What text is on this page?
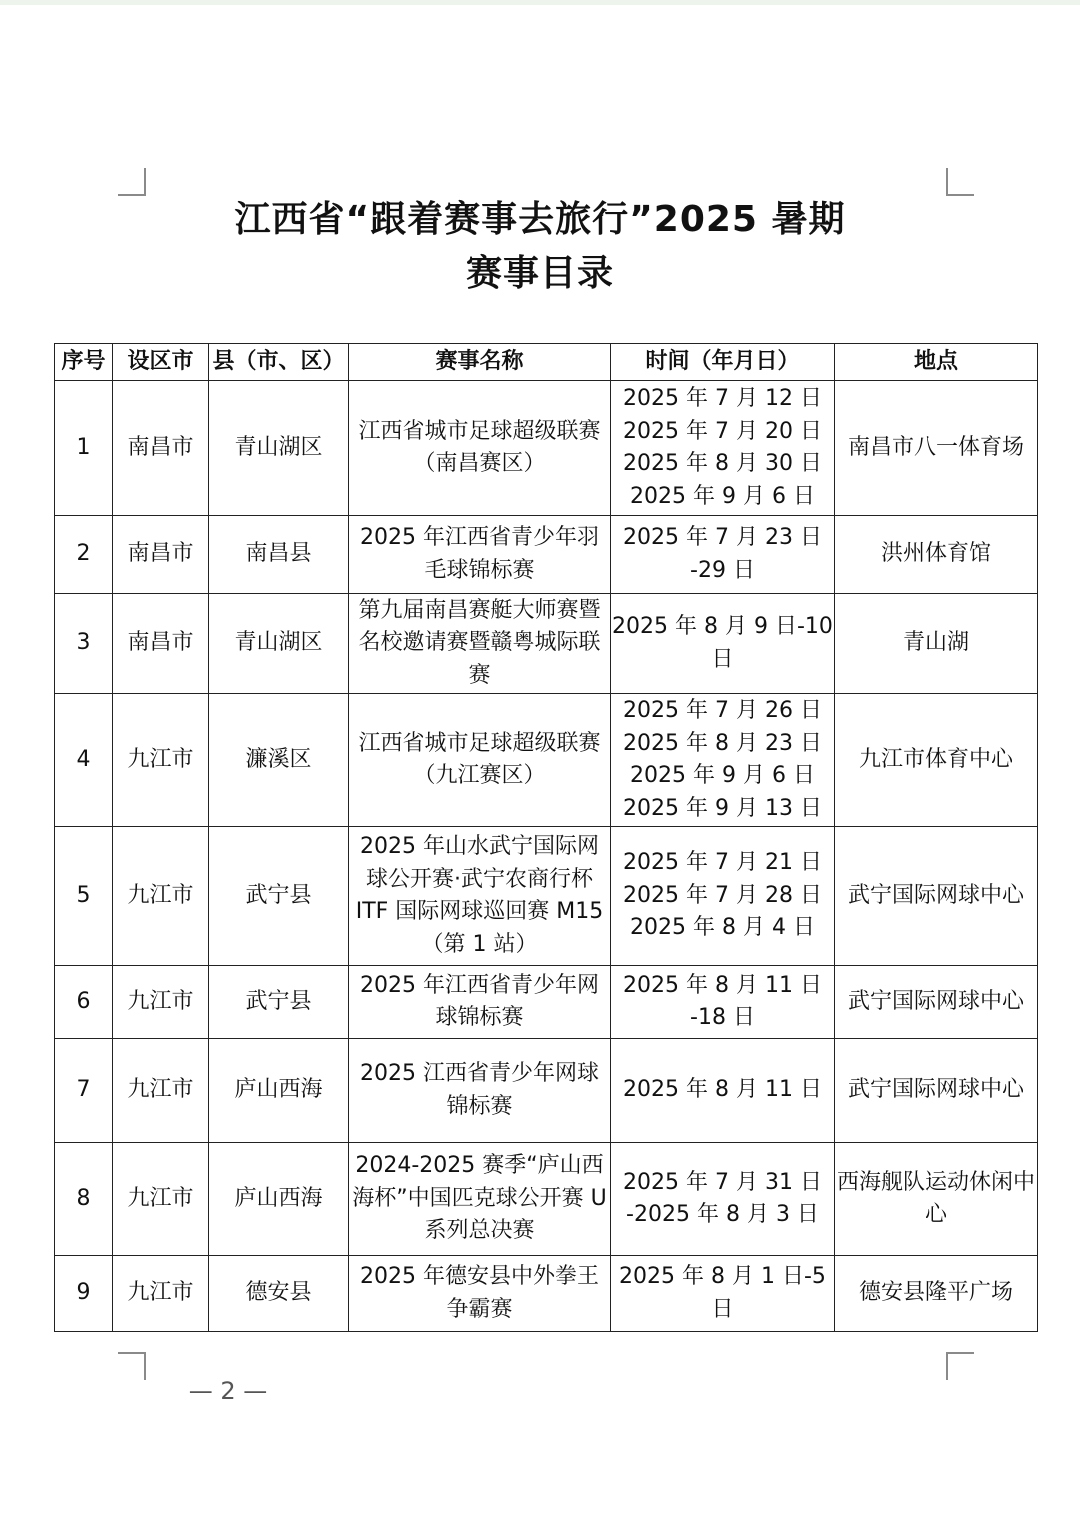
江西省“跟着赛事去旅行”2025 暑期
赛事目录
序号	设区市	县（市、区）	赛事名称	时间（年月日）	地点
1	南昌市	青山湖区	江西省城市足球超级联赛（南昌赛区）	2025 年 7 月 12 日
2025 年 7 月 20 日
2025 年 8 月 30 日
2025 年 9 月 6 日	南昌市八一体育场
2	南昌市	南昌县	2025 年江西省青少年羽毛球锦标赛	2025 年 7 月 23 日 -29 日	洪州体育馆
3	南昌市	青山湖区	第九届南昌赛艇大师赛暨名校邀请赛暨赣粤城际联赛	2025 年 8 月 9 日-10 日	青山湖
4	九江市	濂溪区	江西省城市足球超级联赛（九江赛区）	2025 年 7 月 26 日
2025 年 8 月 23 日
2025 年 9 月 6 日
2025 年 9 月 13 日	九江市体育中心
5	九江市	武宁县	2025 年山水武宁国际网球公开赛·武宁农商行杯 ITF 国际网球巡回赛 M15（第 1 站）	2025 年 7 月 21 日
2025 年 7 月 28 日
2025 年 8 月 4 日	武宁国际网球中心
6	九江市	武宁县	2025 年江西省青少年网球锦标赛	2025 年 8 月 11 日 -18 日	武宁国际网球中心
7	九江市	庐山西海	2025 江西省青少年网球锦标赛	2025 年 8 月 11 日	武宁国际网球中心
8	九江市	庐山西海	2024-2025 赛季“庐山西海杯”中国匹克球公开赛 U 系列总决赛	2025 年 7 月 31 日 -2025 年 8 月 3 日	西海舰队运动休闲中心
9	九江市	德安县	2025 年德安县中外拳王争霸赛	2025 年 8 月 1 日-5 日	德安县隆平广场
— 2 —
